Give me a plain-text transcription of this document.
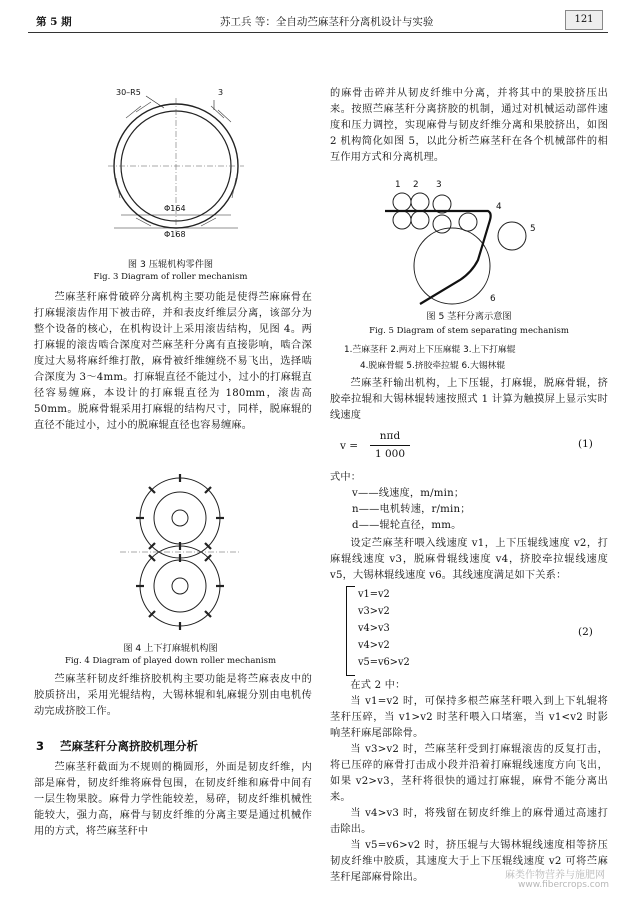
第 5 期	苏工兵 等：全自动苎麻茎秆分离机设计与实验	121
30–R5	3
Φ164
Φ168
图 3 压辊机构零件图
Fig. 3 Diagram of roller mechanism

苎麻茎秆麻骨破碎分离机构主要功能是使得苎麻麻骨在打麻辊滚齿作用下被击碎，并和表皮纤维层分离，该部分为整个设备的核心，在机构设计上采用滚齿结构，见图 4。两打麻辊的滚齿啮合深度对苎麻茎秆分离有直接影响，啮合深度过大易将麻纤维打散，麻骨被纤维缠绕不易飞出，选择啮合深度为 3～4mm。打麻辊直径不能过小，过小的打麻辊直径容易缠麻，本设计的打麻辊直径为 180mm，滚齿高 50mm。脱麻骨辊采用打麻辊的结构尺寸，同样，脱麻辊的直径不能过小，过小的脱麻辊直径也容易缠麻。

图 4 上下打麻辊机构图
Fig. 4 Diagram of played down roller mechanism

苎麻茎秆韧皮纤维挤胶机构主要功能是将苎麻表皮中的胶质挤出，采用光辊结构，大锡林辊和轧麻辊分别由电机传动完成挤胶工作。

3 苎麻茎秆分离挤胶机理分析

苎麻茎秆截面为不规则的椭圆形，外面是韧皮纤维，内部是麻骨，韧皮纤维将麻骨包围，在韧皮纤维和麻骨中间有一层生物果胶。麻骨力学性能较差，易碎，韧皮纤维机械性能较大，强力高，麻骨与韧皮纤维的分离主要是通过机械作用的方式，将苎麻茎秆中

的麻骨击碎并从韧皮纤维中分离，并将其中的果胶挤压出来。按照苎麻茎秆分离挤胶的机制，通过对机械运动部件速度和压力调控，实现麻骨与韧皮纤维分离和果胶挤出，如图 2 机构简化如图 5，以此分析苎麻茎秆在各个机械部件的相互作用方式和分离机理。

1 2 3
4
5
6
图 5 茎秆分离示意图
Fig. 5 Diagram of stem separating mechanism
1.苎麻茎秆 2.两对上下压麻辊 3.上下打麻辊
4.脱麻骨辊 5.挤胶牵拉辊 6.大锡林辊

苎麻茎秆输出机构，上下压辊，打麻辊，脱麻骨辊，挤胶牵拉辊和大锡林辊转速按照式 1 计算为触摸屏上显示实时线速度

v =
nπd
1 000
(1)
式中：
v——线速度，m/min；
n——电机转速，r/min；
d——辊轮直径，mm。

设定苎麻茎秆喂入线速度 v1，上下压辊线速度 v2，打麻辊线速度 v3，脱麻骨辊线速度 v4，挤胶牵拉辊线速度 v5，大锡林辊线速度 v6。其线速度满足如下关系：

v1=v2
v3>v2
v4>v3
v4>v2
v5=v6>v2
(2)

在式 2 中：

当 v1=v2 时，可保持多根苎麻茎秆喂入到上下轧辊将茎秆压碎，当 v1>v2 时茎秆喂入口堵塞，当 v1<v2 时影响茎秆麻尾部除骨。

当 v3>v2 时，苎麻茎秆受到打麻辊滚齿的反复打击，将已压碎的麻骨打击成小段并沿着打麻辊线速度方向飞出，如果 v2>v3，茎秆将很快的通过打麻辊，麻骨不能分离出来。

当 v4>v3 时，将残留在韧皮纤维上的麻骨通过高速打击除出。

当 v5=v6>v2 时，挤压辊与大锡林辊线速度相等挤压韧皮纤维中胶质，其速度大于上下压辊线速度 v2 可将苎麻茎秆尾部麻骨除出。	麻类作物营养与施肥网
www.fibercrops.com
